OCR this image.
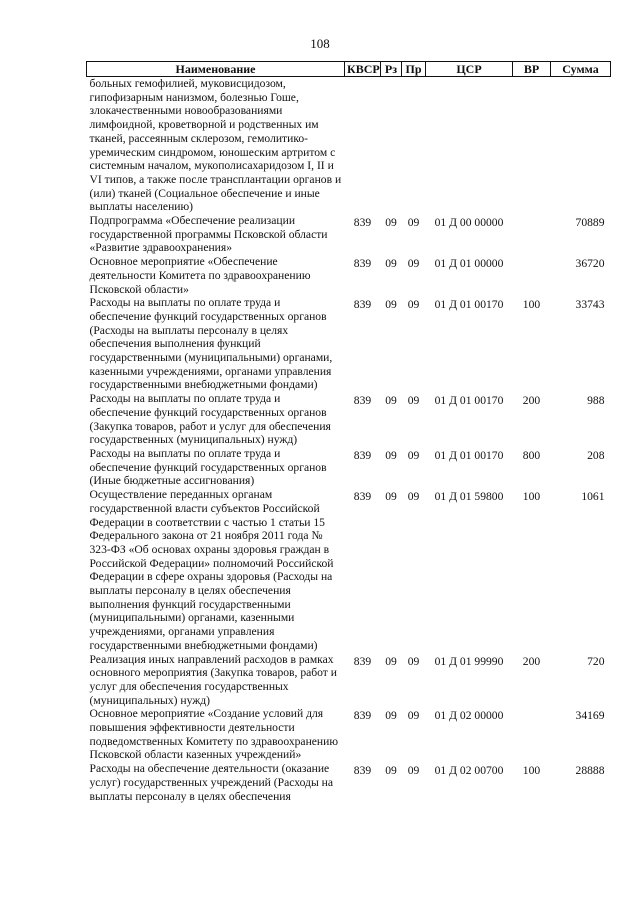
108
Наименование	КВСР	Рз	Пр	ЦСР	ВР	Сумма
больных гемофилией, муковисцидозом, гипофизарным нанизмом, болезнью Гоше, злокачественными новообразованиями лимфоидной, кроветворной и родственных им тканей, рассеянным склерозом, гемолитико-уремическим синдромом, юношеским артритом с системным началом, мукополисахаридозом I, II и VI типов, а также после трансплантации органов и (или) тканей (Социальное обеспечение и иные выплаты населению)						
Подпрограмма «Обеспечение реализации государственной программы Псковской области «Развитие здравоохранения»	839	09	09	01 Д 00 00000		70889
Основное мероприятие «Обеспечение деятельности Комитета по здравоохранению Псковской области»	839	09	09	01 Д 01 00000		36720
Расходы на выплаты по оплате труда и обеспечение функций государственных органов (Расходы на выплаты персоналу в целях обеспечения выполнения функций государственными (муниципальными) органами, казенными учреждениями, органами управления государственными внебюджетными фондами)	839	09	09	01 Д 01 00170	100	33743
Расходы на выплаты по оплате труда и обеспечение функций государственных органов (Закупка товаров, работ и услуг для обеспечения государственных (муниципальных) нужд)	839	09	09	01 Д 01 00170	200	988
Расходы на выплаты по оплате труда и обеспечение функций государственных органов (Иные бюджетные ассигнования)	839	09	09	01 Д 01 00170	800	208
Осуществление переданных органам государственной власти субъектов Российской Федерации в соответствии с частью 1 статьи 15 Федерального закона от 21 ноября 2011 года № 323-ФЗ «Об основах охраны здоровья граждан в Российской Федерации» полномочий Российской Федерации в сфере охраны здоровья (Расходы на выплаты персоналу в целях обеспечения выполнения функций государственными (муниципальными) органами, казенными учреждениями, органами управления государственными внебюджетными фондами)	839	09	09	01 Д 01 59800	100	1061
Реализация иных направлений расходов в рамках основного мероприятия (Закупка товаров, работ и услуг для обеспечения государственных (муниципальных) нужд)	839	09	09	01 Д 01 99990	200	720
Основное мероприятие «Создание условий для повышения эффективности деятельности подведомственных Комитету по здравоохранению Псковской области казенных учреждений»	839	09	09	01 Д 02 00000		34169
Расходы на обеспечение деятельности (оказание услуг) государственных учреждений (Расходы на выплаты персоналу в целях обеспечения	839	09	09	01 Д 02 00700	100	28888
